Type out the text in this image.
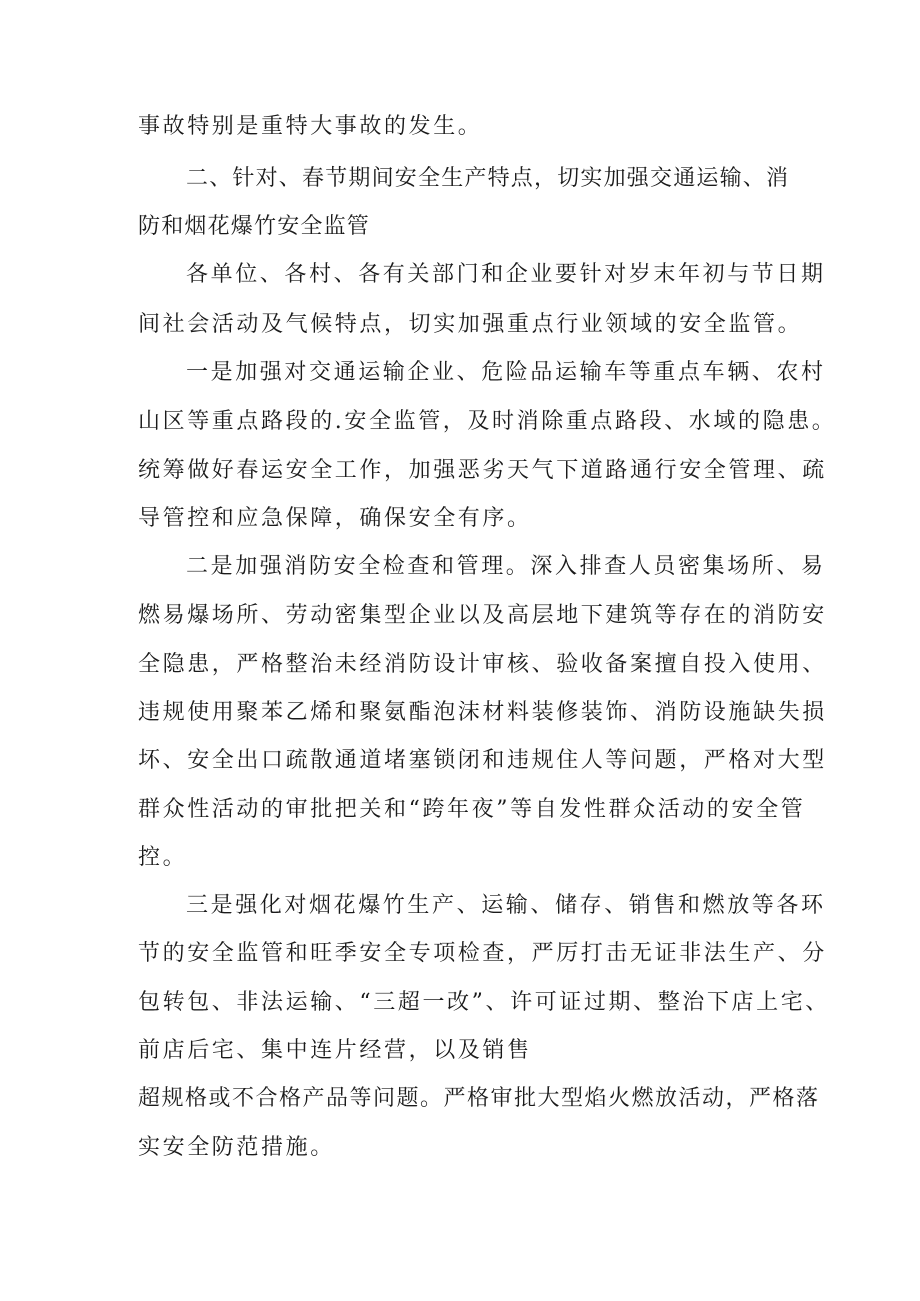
事故特别是重特大事故的发生。

二、针对、春节期间安全生产特点，切实加强交通运输、消

防和烟花爆竹安全监管

各单位、各村、各有关部门和企业要针对岁末年初与节日期

间社会活动及气候特点，切实加强重点行业领域的安全监管。

一是加强对交通运输企业、危险品运输车等重点车辆、农村

山区等重点路段的.安全监管，及时消除重点路段、水域的隐患。

统筹做好春运安全工作，加强恶劣天气下道路通行安全管理、疏

导管控和应急保障，确保安全有序。

二是加强消防安全检查和管理。深入排查人员密集场所、易

燃易爆场所、劳动密集型企业以及高层地下建筑等存在的消防安

全隐患，严格整治未经消防设计审核、验收备案擅自投入使用、

违规使用聚苯乙烯和聚氨酯泡沫材料装修装饰、消防设施缺失损

坏、安全出口疏散通道堵塞锁闭和违规住人等问题，严格对大型

群众性活动的审批把关和“跨年夜”等自发性群众活动的安全管

控。

三是强化对烟花爆竹生产、运输、储存、销售和燃放等各环

节的安全监管和旺季安全专项检查，严厉打击无证非法生产、分

包转包、非法运输、“三超一改”、许可证过期、整治下店上宅、

前店后宅、集中连片经营，以及销售

超规格或不合格产品等问题。严格审批大型焰火燃放活动，严格落

实安全防范措施。
